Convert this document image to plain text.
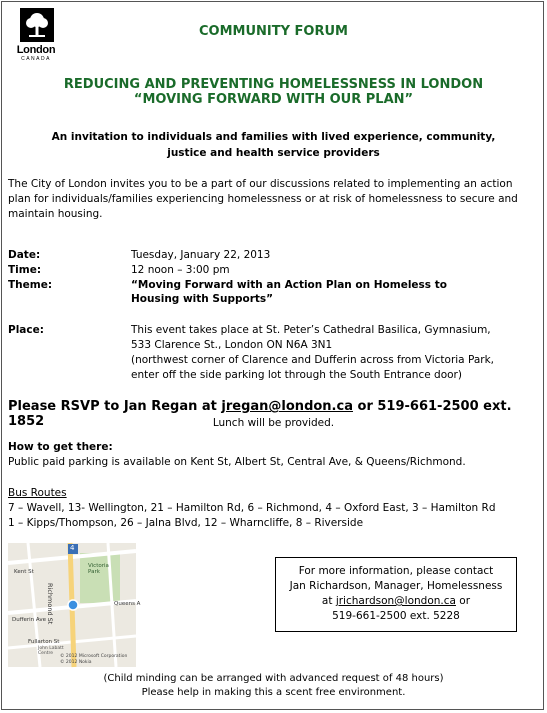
London
CANADA
COMMUNITY FORUM
REDUCING AND PREVENTING HOMELESSNESS IN LONDON
“MOVING FORWARD WITH OUR PLAN”
An invitation to individuals and families with lived experience, community,
justice and health service providers
The City of London invites you to be a part of our discussions related to implementing an action
plan for individuals/families experiencing homelessness or at risk of homelessness to secure and
maintain housing.
Date:	Tuesday, January 22, 2013
Time:	12 noon – 3:00 pm
Theme:	“Moving Forward with an Action Plan on Homeless to
Housing with Supports”
Place:	This event takes place at St. Peter’s Cathedral Basilica, Gymnasium,
533 Clarence St., London ON N6A 3N1
(northwest corner of Clarence and Dufferin across from Victoria Park,
enter off the side parking lot through the South Entrance door)
Please RSVP to Jan Regan at jregan@london.ca or 519-661-2500 ext. 1852	Lunch will be provided.
How to get there:
Public paid parking is available on Kent St, Albert St, Central Ave, & Queens/Richmond.
Bus Routes
7 – Wavell, 13- Wellington, 21 – Hamilton Rd, 6 – Richmond, 4 – Oxford East, 3 – Hamilton Rd
1 – Kipps/Thompson, 26 – Jalna Blvd, 12 – Wharncliffe, 8 – Riverside
4
Richmond St
Victoria Park
Queens A
Dufferin Ave
Fullarton St
Kent St
John Labatt Centre
© 2012 Microsoft Corporation
© 2012 Nokia
For more information, please contact
Jan Richardson, Manager, Homelessness
at jrichardson@london.ca or
519-661-2500 ext. 5228
(Child minding can be arranged with advanced request of 48 hours)
Please help in making this a scent free environment.
